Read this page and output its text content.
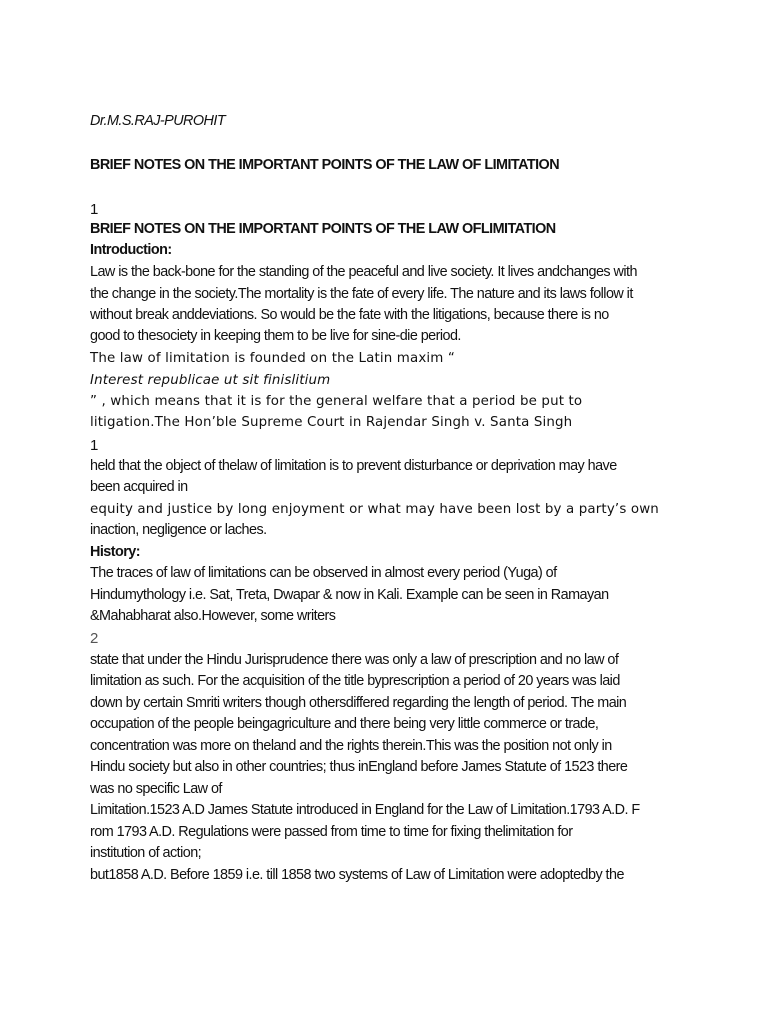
Dr.M.S.RAJ-PUROHIT
BRIEF NOTES ON THE IMPORTANT POINTS OF THE LAW OF LIMITATION
1
BRIEF NOTES ON THE IMPORTANT POINTS OF THE LAW OFLIMITATION
Introduction:
Law is the back-bone for the standing of the peaceful and live society. It lives andchanges with
the change in the society.The mortality is the fate of every life. The nature and its laws follow it
without break anddeviations. So would be the fate with the litigations, because there is no
good to thesociety in keeping them to be live for sine-die period.
The law of limitation is founded on the Latin maxim “
Interest republicae ut sit finislitium
” , which means that it is for the general welfare that a period be put to
litigation.The Hon’ble Supreme Court in Rajendar Singh v. Santa Singh
1
held that the object of thelaw of limitation is to prevent disturbance or deprivation may have
been acquired in
equity and justice by long enjoyment or what may have been lost by a party’s own
inaction, negligence or laches.
History:
The traces of law of limitations can be observed in almost every period (Yuga) of
Hindumythology i.e. Sat, Treta, Dwapar & now in Kali. Example can be seen in Ramayan
&Mahabharat also.However, some writers
2
state that under the Hindu Jurisprudence there was only a law of prescription and no law of
limitation as such. For the acquisition of the title byprescription a period of 20 years was laid
down by certain Smriti writers though othersdiffered regarding the length of period. The main
occupation of the people beingagriculture and there being very little commerce or trade,
concentration was more on theland and the rights therein.This was the position not only in
Hindu society but also in other countries; thus inEngland before James Statute of 1523 there
was no specific Law of
Limitation.1523 A.D James Statute introduced in England for the Law of Limitation.1793 A.D. F
rom 1793 A.D. Regulations were passed from time to time for fixing thelimitation for
institution of action;
but1858 A.D. Before 1859 i.e. till 1858 two systems of Law of Limitation were adoptedby the
